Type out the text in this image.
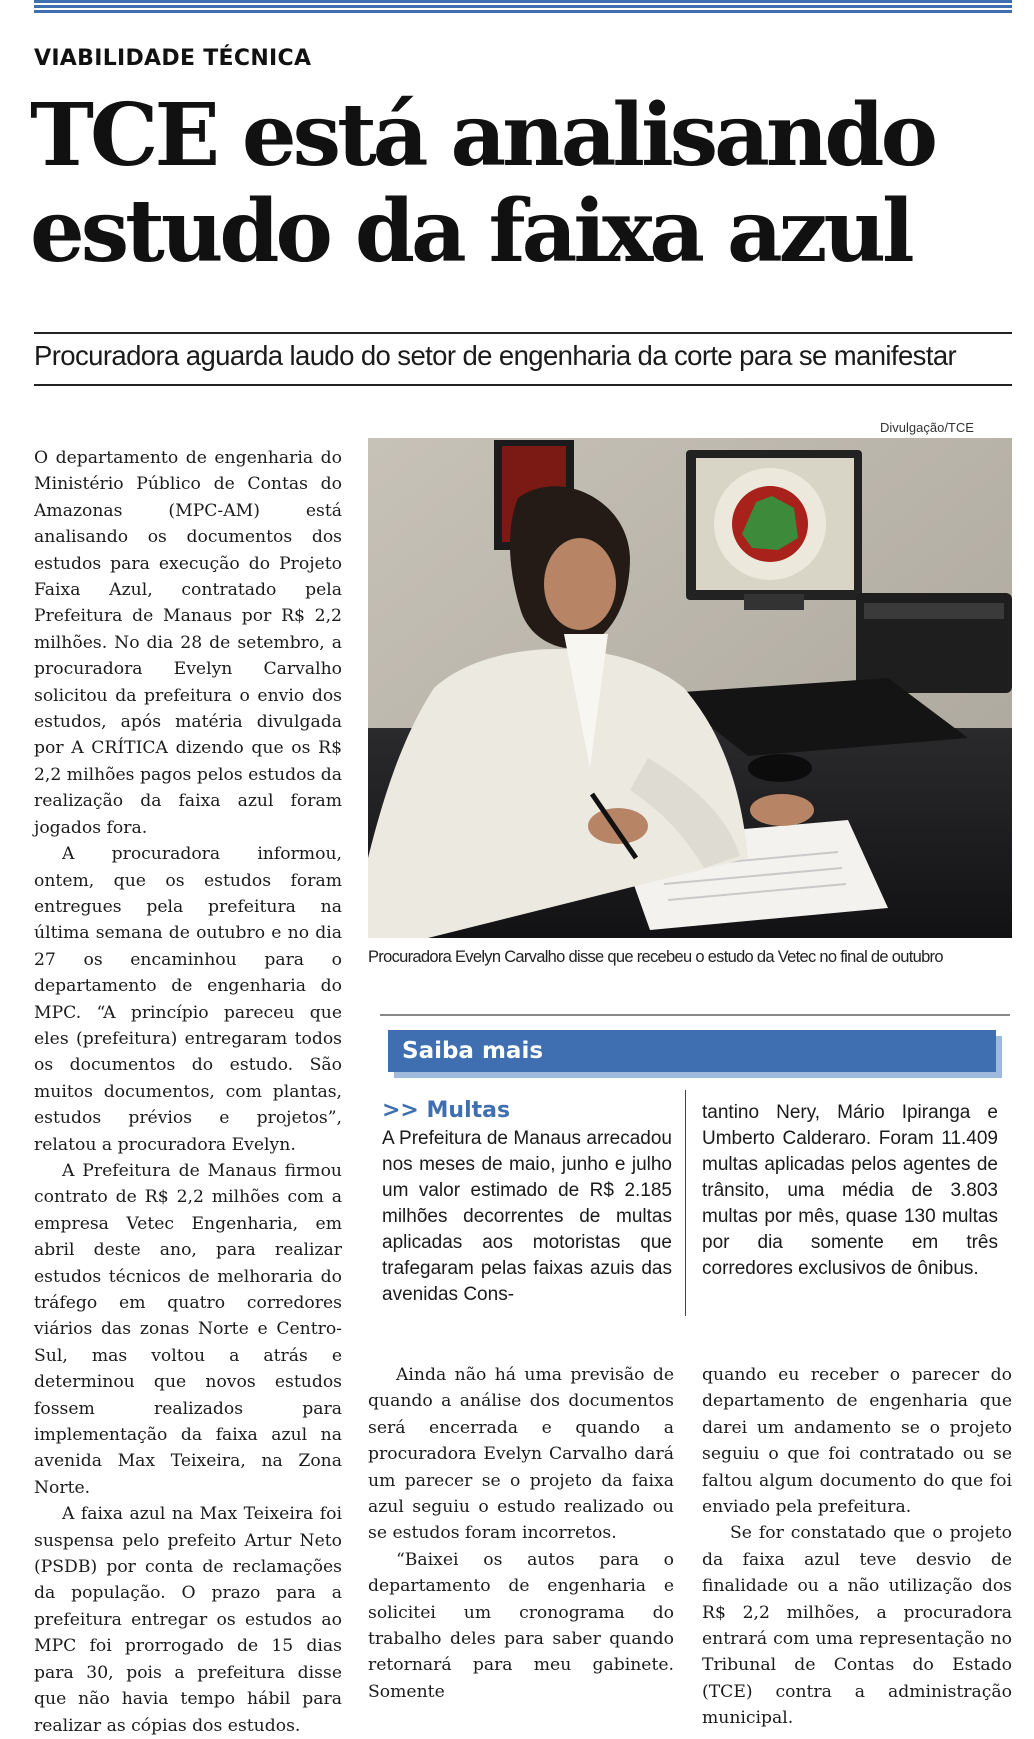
VIABILIDADE TÉCNICA
TCE está analisando
estudo da faixa azul
Procuradora aguarda laudo do setor de engenharia da corte para se manifestar

O departamento de engenharia do Ministério Público de Contas do Amazonas (MPC-AM) está analisando os documentos dos estudos para execução do Projeto Faixa Azul, contratado pela Prefeitura de Manaus por R$ 2,2 milhões. No dia 28 de setembro, a procuradora Evelyn Carvalho solicitou da prefeitura o envio dos estudos, após matéria divulgada por A CRÍTICA dizendo que os R$ 2,2 milhões pagos pelos estudos da realização da faixa azul foram jogados fora.

A procuradora informou, ontem, que os estudos foram entregues pela prefeitura na última semana de outubro e no dia 27 os encaminhou para o departamento de engenharia do MPC. “A princípio pareceu que eles (prefeitura) entregaram todos os documentos do estudo. São muitos documentos, com plantas, estudos prévios e projetos”, relatou a procuradora Evelyn.

A Prefeitura de Manaus firmou contrato de R$ 2,2 milhões com a empresa Vetec Engenharia, em abril deste ano, para realizar estudos técnicos de melhoraria do tráfego em quatro corredores viários das zonas Norte e Centro-Sul, mas voltou a atrás e determinou que novos estudos fossem realizados para implementação da faixa azul na avenida Max Teixeira, na Zona Norte.

A faixa azul na Max Teixeira foi suspensa pelo prefeito Artur Neto (PSDB) por conta de reclamações da população. O prazo para a prefeitura entregar os estudos ao MPC foi prorrogado de 15 dias para 30, pois a prefeitura disse que não havia tempo hábil para realizar as cópias dos estudos.

Divulgação/TCE
Procuradora Evelyn Carvalho disse que recebeu o estudo da Vetec no final de outubro
Saiba mais
>> Multas
A Prefeitura de Manaus arrecadou nos meses de maio, junho e julho um valor estimado de R$ 2.185 milhões decorrentes de multas aplicadas aos motoristas que trafegaram pelas faixas azuis das avenidas Cons-
tantino Nery, Mário Ipiranga e Umberto Calderaro. Foram 11.409 multas aplicadas pelos agentes de trânsito, uma média de 3.803 multas por mês, quase 130 multas por dia somente em três corredores exclusivos de ônibus.

Ainda não há uma previsão de quando a análise dos documentos será encerrada e quando a procuradora Evelyn Carvalho dará um parecer se o projeto da faixa azul seguiu o estudo realizado ou se estudos foram incorretos.

“Baixei os autos para o departamento de engenharia e solicitei um cronograma do trabalho deles para saber quando retornará para meu gabinete. Somente

quando eu receber o parecer do departamento de engenharia que darei um andamento se o projeto seguiu o que foi contratado ou se faltou algum documento do que foi enviado pela prefeitura.

Se for constatado que o projeto da faixa azul teve desvio de finalidade ou a não utilização dos R$ 2,2 milhões, a procuradora entrará com uma representação no Tribunal de Contas do Estado (TCE) contra a administração municipal.
